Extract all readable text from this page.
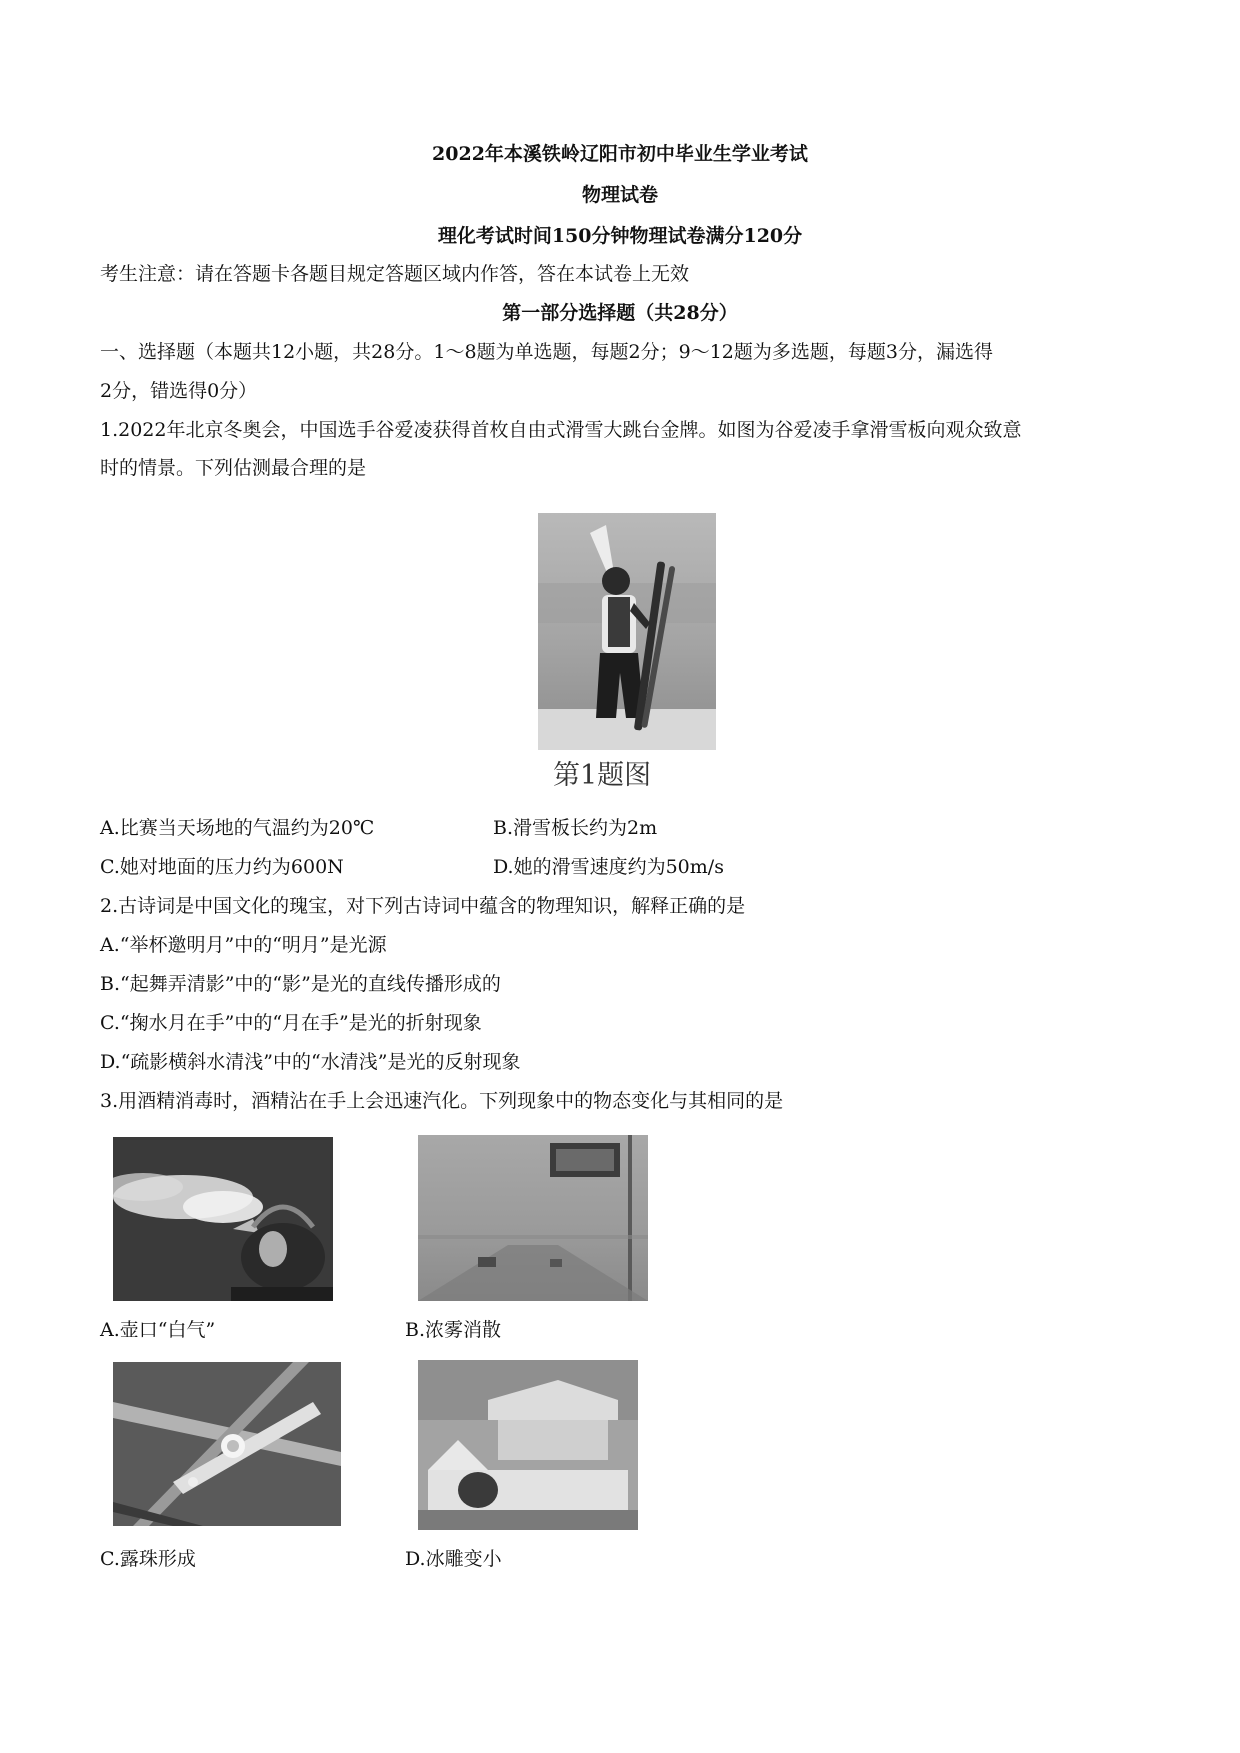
2022年本溪铁岭辽阳市初中毕业生学业考试
物理试卷
理化考试时间150分钟物理试卷满分120分
考生注意：请在答题卡各题目规定答题区域内作答，答在本试卷上无效
第一部分选择题（共28分）
一、选择题（本题共12小题，共28分。1～8题为单选题，每题2分；9～12题为多选题，每题3分，漏选得
2分，错选得0分）
1.2022年北京冬奥会，中国选手谷爱凌获得首枚自由式滑雪大跳台金牌。如图为谷爱凌手拿滑雪板向观众致意
时的情景。下列估测最合理的是
第1题图
A.比赛当天场地的气温约为20℃	B.滑雪板长约为2m
C.她对地面的压力约为600N	D.她的滑雪速度约为50m/s
2.古诗词是中国文化的瑰宝，对下列古诗词中蕴含的物理知识，解释正确的是
A.“举杯邀明月”中的“明月”是光源
B.“起舞弄清影”中的“影”是光的直线传播形成的
C.“掬水月在手”中的“月在手”是光的折射现象
D.“疏影横斜水清浅”中的“水清浅”是光的反射现象
3.用酒精消毒时，酒精沾在手上会迅速汽化。下列现象中的物态变化与其相同的是
A.壶口“白气”	B.浓雾消散
C.露珠形成	D.冰雕变小
